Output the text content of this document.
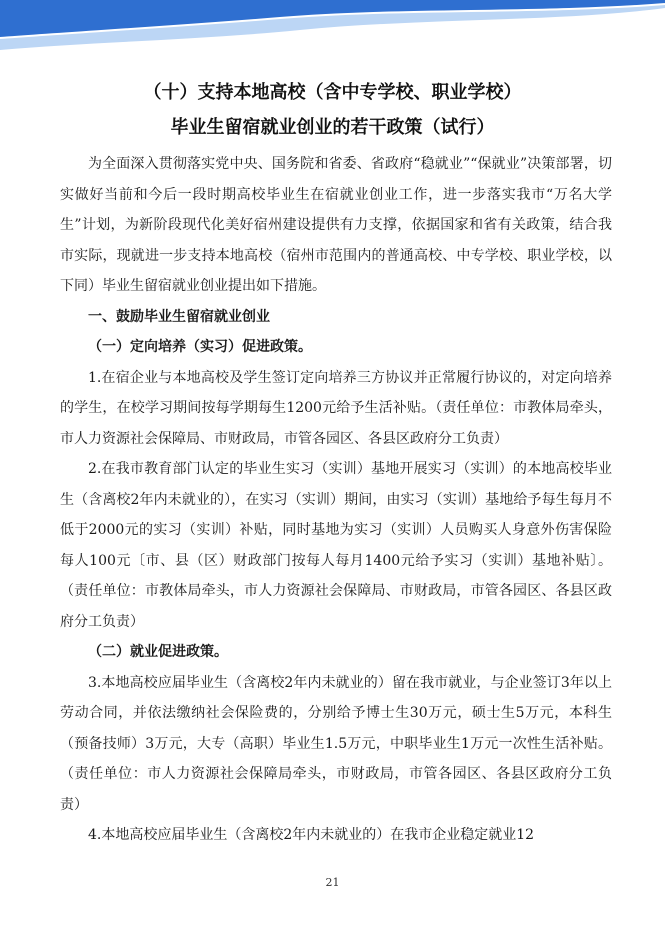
（十）支持本地高校（含中专学校、职业学校）
毕业生留宿就业创业的若干政策（试行）

为全面深入贯彻落实党中央、国务院和省委、省政府“稳就业”“保就业”决策部署，切实做好当前和今后一段时期高校毕业生在宿就业创业工作，进一步落实我市“万名大学生”计划，为新阶段现代化美好宿州建设提供有力支撑，依据国家和省有关政策，结合我市实际，现就进一步支持本地高校（宿州市范围内的普通高校、中专学校、职业学校，以下同）毕业生留宿就业创业提出如下措施。

一、鼓励毕业生留宿就业创业
（一）定向培养（实习）促进政策。

1.在宿企业与本地高校及学生签订定向培养三方协议并正常履行协议的，对定向培养的学生，在校学习期间按每学期每生1200元给予生活补贴。（责任单位：市教体局牵头，市人力资源社会保障局、市财政局，市管各园区、各县区政府分工负责）

2.在我市教育部门认定的毕业生实习（实训）基地开展实习（实训）的本地高校毕业生（含离校2年内未就业的），在实习（实训）期间，由实习（实训）基地给予每生每月不低于2000元的实习（实训）补贴，同时基地为实习（实训）人员购买人身意外伤害保险每人100元〔市、县（区）财政部门按每人每月1400元给予实习（实训）基地补贴〕。（责任单位：市教体局牵头，市人力资源社会保障局、市财政局，市管各园区、各县区政府分工负责）

（二）就业促进政策。

3.本地高校应届毕业生（含离校2年内未就业的）留在我市就业，与企业签订3年以上劳动合同，并依法缴纳社会保险费的，分别给予博士生30万元，硕士生5万元，本科生（预备技师）3万元，大专（高职）毕业生1.5万元，中职毕业生1万元一次性生活补贴。（责任单位：市人力资源社会保障局牵头，市财政局，市管各园区、各县区政府分工负责）

4.本地高校应届毕业生（含离校2年内未就业的）在我市企业稳定就业12

21
